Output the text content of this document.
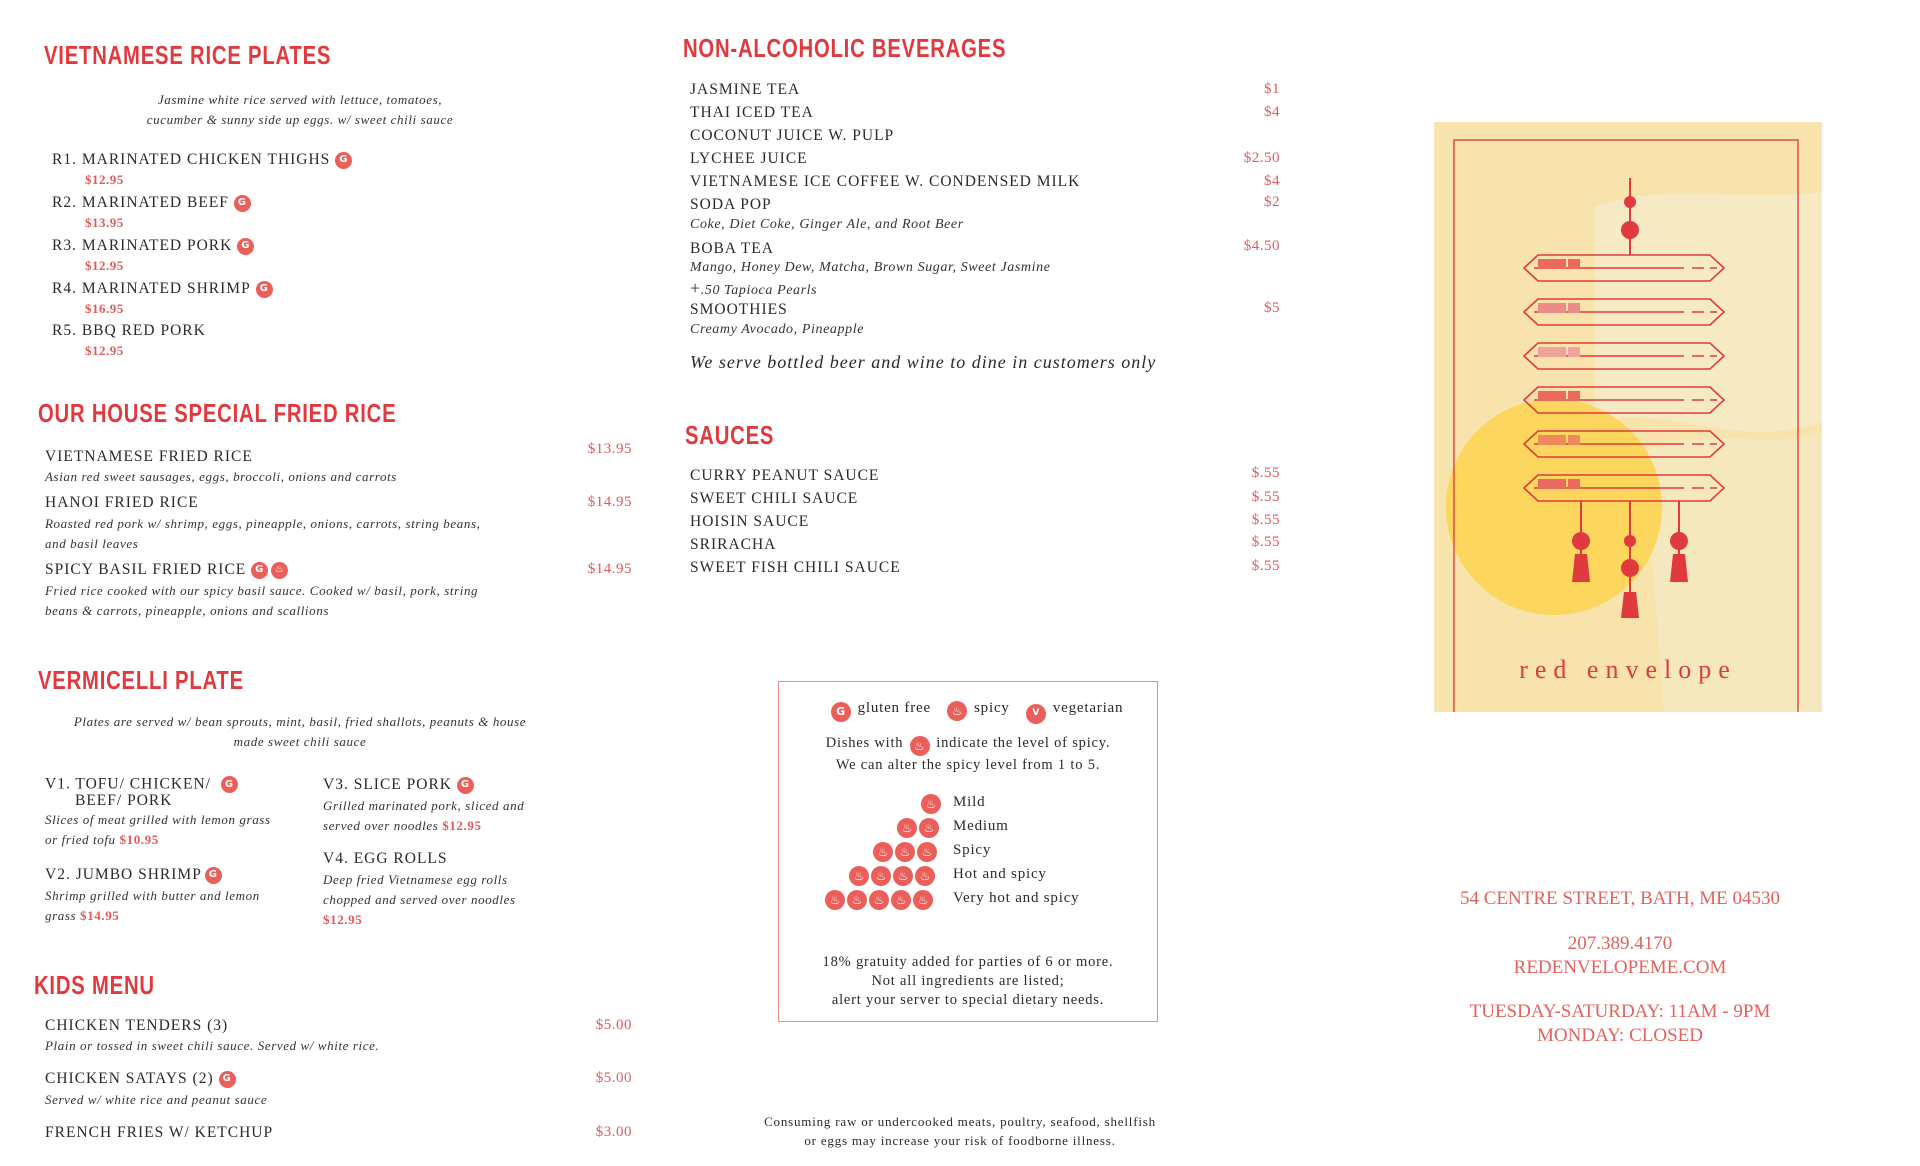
VIETNAMESE RICE PLATES
Jasmine white rice served with lettuce, tomatoes,
cucumber & sunny side up eggs. w/ sweet chili sauce
R1. MARINATED CHICKEN THIGHSG
$12.95
R2. MARINATED BEEFG
$13.95
R3. MARINATED PORKG
$12.95
R4. MARINATED SHRIMPG
$16.95
R5. BBQ RED PORK
$12.95
OUR HOUSE SPECIAL FRIED RICE
VIETNAMESE FRIED RICE	$13.95
Asian red sweet sausages, eggs, broccoli, onions and carrots
HANOI FRIED RICE	$14.95
Roasted red pork w/ shrimp, eggs, pineapple, onions, carrots, string beans,
and basil leaves
SPICY BASIL FRIED RICE G ♨	$14.95
Fried rice cooked with our spicy basil sauce. Cooked w/ basil, pork, string
beans & carrots, pineapple, onions and scallions
VERMICELLI PLATE
Plates are served w/ bean sprouts, mint, basil, fried shallots, peanuts & house
made sweet chili sauce
V1. TOFU/ CHICKEN/G
BEEF/ PORK
Slices of meat grilled with lemon grass
or fried tofu $10.95
V2. JUMBO SHRIMPG
Shrimp grilled with butter and lemon
grass $14.95
V3. SLICE PORKG
Grilled marinated pork, sliced and
served over noodles $12.95
V4. EGG ROLLS
Deep fried Vietnamese egg rolls
chopped and served over noodles
$12.95
KIDS MENU
CHICKEN TENDERS (3)	$5.00
Plain or tossed in sweet chili sauce. Served w/ white rice.
CHICKEN SATAYS (2) G	$5.00
Served w/ white rice and peanut sauce
FRENCH FRIES W/ KETCHUP	$3.00
NON-ALCOHOLIC BEVERAGES
JASMINE TEA	$1
THAI ICED TEA	$4
COCONUT JUICE W. PULP
LYCHEE JUICE	$2.50
VIETNAMESE ICE COFFEE W. CONDENSED MILK	$4
SODA POP	$2
Coke, Diet Coke, Ginger Ale, and Root Beer
BOBA TEA	$4.50
Mango, Honey Dew, Matcha, Brown Sugar, Sweet Jasmine
+.50 Tapioca Pearls
SMOOTHIES	$5
Creamy Avocado, Pineapple
We serve bottled beer and wine to dine in customers only
SAUCES
CURRY PEANUT SAUCE	$.55
SWEET CHILI SAUCE	$.55
HOISIN SAUCE	$.55
SRIRACHA	$.55
SWEET FISH CHILI SAUCE	$.55
G gluten free ♨	spicy V	vegetarian
Dishes with ♨ indicate the level of spicy.
We can alter the spicy level from 1 to 5.
♨
Mild
♨♨
Medium
♨♨♨
Spicy
♨♨♨♨
Hot and spicy
♨♨♨♨♨
Very hot and spicy
18% gratuity added for parties of 6 or more.
Not all ingredients are listed;
alert your server to special dietary needs.
Consuming raw or undercooked meats, poultry, seafood, shellfish
or eggs may increase your risk of foodborne illness.
red envelope
54 CENTRE STREET, BATH, ME 04530
207.389.4170
REDENVELOPEME.COM
TUESDAY-SATURDAY: 11AM - 9PM
MONDAY: CLOSED
